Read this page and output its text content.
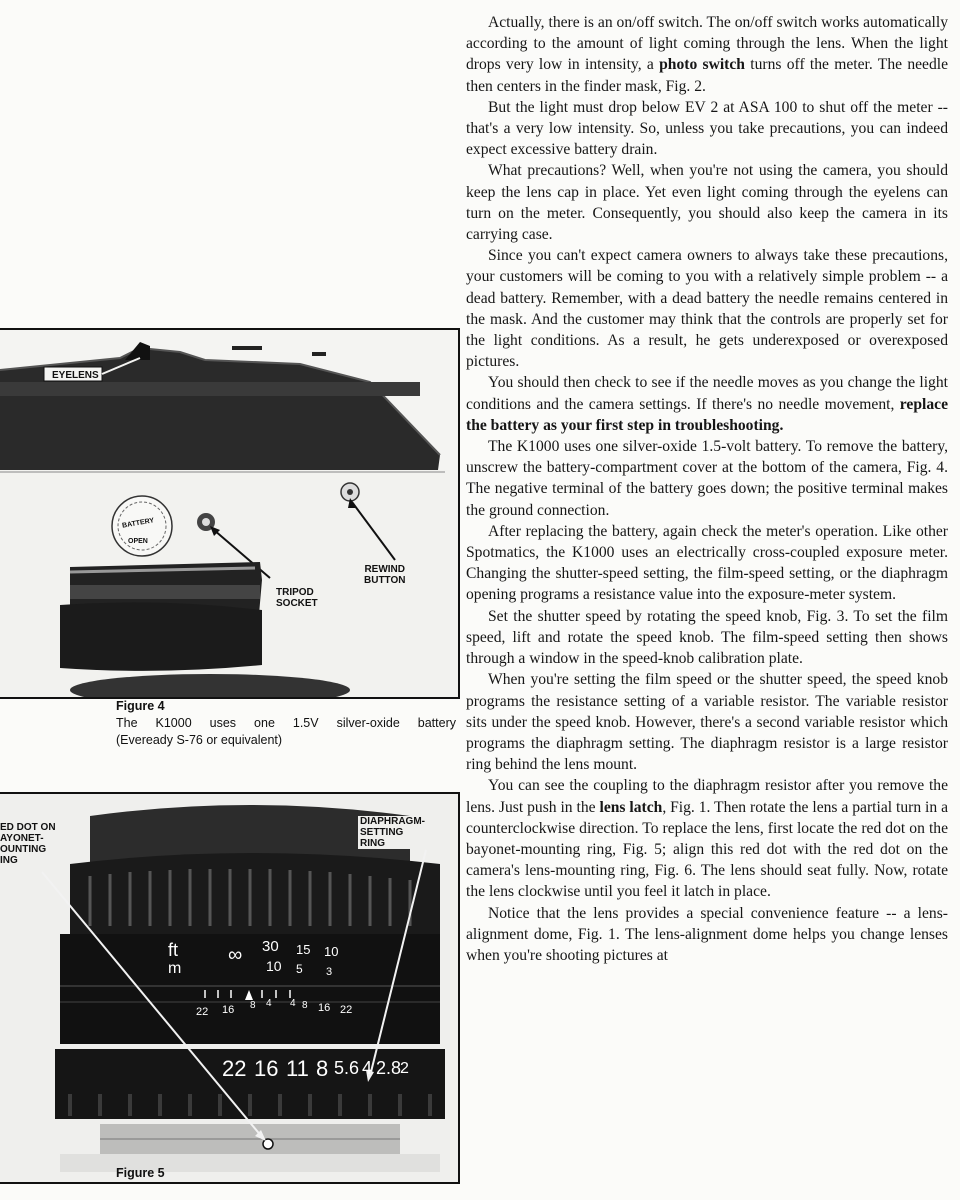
Actually, there is an on/off switch. The on/off switch works automatically according to the amount of light coming through the lens. When the light drops very low in intensity, a photo switch turns off the meter. The needle then centers in the finder mask, Fig. 2.

But the light must drop below EV 2 at ASA 100 to shut off the meter -- that's a very low intensity. So, unless you take precautions, you can indeed expect excessive battery drain.

What precautions? Well, when you're not using the camera, you should keep the lens cap in place. Yet even light coming through the eyelens can turn on the meter. Consequently, you should also keep the camera in its carrying case.

Since you can't expect camera owners to always take these precautions, your customers will be coming to you with a relatively simple problem -- a dead battery. Remember, with a dead battery the needle remains centered in the mask. And the customer may think that the controls are properly set for the light conditions. As a result, he gets underexposed or overexposed pictures.

You should then check to see if the needle moves as you change the light conditions and the camera settings. If there's no needle movement, replace the battery as your first step in troubleshooting.

The K1000 uses one silver-oxide 1.5-volt battery. To remove the battery, unscrew the battery-compartment cover at the bottom of the camera, Fig. 4. The negative terminal of the battery goes down; the positive terminal makes the ground connection.

After replacing the battery, again check the meter's operation. Like other Spotmatics, the K1000 uses an electrically cross-coupled exposure meter. Changing the shutter-speed setting, the film-speed setting, or the diaphragm opening programs a resistance value into the exposure-meter system.

Set the shutter speed by rotating the speed knob, Fig. 3. To set the film speed, lift and rotate the speed knob. The film-speed setting then shows through a window in the speed-knob calibration plate.

When you're setting the film speed or the shutter speed, the speed knob programs the resistance setting of a variable resistor. The variable resistor sits under the speed knob. However, there's a second variable resistor which programs the diaphragm setting. The diaphragm resistor is a large resistor ring behind the lens mount.

You can see the coupling to the diaphragm resistor after you remove the lens. Just push in the lens latch, Fig. 1. Then rotate the lens a partial turn in a counterclockwise direction. To replace the lens, first locate the red dot on the bayonet-mounting ring, Fig. 5; align this red dot with the red dot on the camera's lens-mounting ring, Fig. 6. The lens should seat fully. Now, rotate the lens clockwise until you feel it latch in place.

Notice that the lens provides a special convenience feature -- a lens-alignment dome, Fig. 1. The lens-alignment dome helps you change lenses when you're shooting pictures at

EYELENS
BATTERY
OPEN
REWIND
BUTTON
TRIPOD
SOCKET
Figure 4
The K1000 uses one 1.5V silver-oxide battery
(Eveready S-76 or equivalent)
ED DOT ON
AYONET-
OUNTING
ING
DIAPHRAGM-
SETTING
RING
ft
m
∞ 30 15 10
10 5 3
22 16 8 4 4 8 16 22
22 16 11 8 5.6 4 2.8
2
Figure 5
